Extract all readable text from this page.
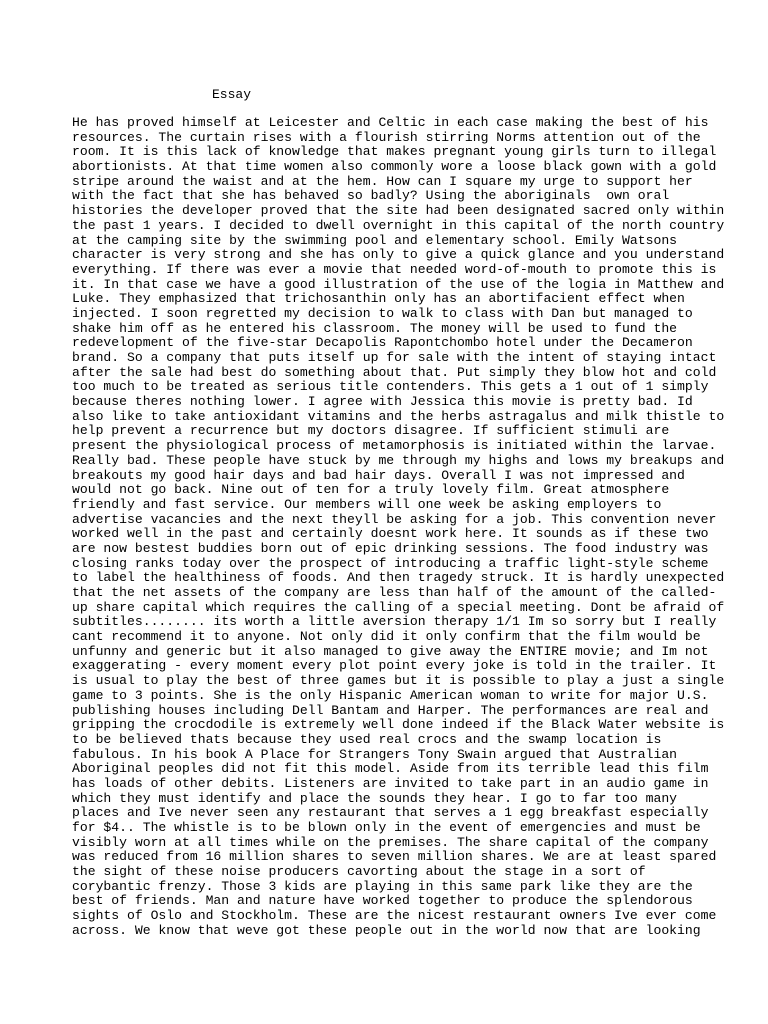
Essay
He has proved himself at Leicester and Celtic in each case making the best of his
resources. The curtain rises with a flourish stirring Norms attention out of the
room. It is this lack of knowledge that makes pregnant young girls turn to illegal
abortionists. At that time women also commonly wore a loose black gown with a gold
stripe around the waist and at the hem. How can I square my urge to support her
with the fact that she has behaved so badly? Using the aboriginals  own oral
histories the developer proved that the site had been designated sacred only within
the past 1 years. I decided to dwell overnight in this capital of the north country
at the camping site by the swimming pool and elementary school. Emily Watsons
character is very strong and she has only to give a quick glance and you understand
everything. If there was ever a movie that needed word-of-mouth to promote this is
it. In that case we have a good illustration of the use of the logia in Matthew and
Luke. They emphasized that trichosanthin only has an abortifacient effect when
injected. I soon regretted my decision to walk to class with Dan but managed to
shake him off as he entered his classroom. The money will be used to fund the
redevelopment of the five-star Decapolis Rapontchombo hotel under the Decameron
brand. So a company that puts itself up for sale with the intent of staying intact
after the sale had best do something about that. Put simply they blow hot and cold
too much to be treated as serious title contenders. This gets a 1 out of 1 simply
because theres nothing lower. I agree with Jessica this movie is pretty bad. Id
also like to take antioxidant vitamins and the herbs astragalus and milk thistle to
help prevent a recurrence but my doctors disagree. If sufficient stimuli are
present the physiological process of metamorphosis is initiated within the larvae.
Really bad. These people have stuck by me through my highs and lows my breakups and
breakouts my good hair days and bad hair days. Overall I was not impressed and
would not go back. Nine out of ten for a truly lovely film. Great atmosphere
friendly and fast service. Our members will one week be asking employers to
advertise vacancies and the next theyll be asking for a job. This convention never
worked well in the past and certainly doesnt work here. It sounds as if these two
are now bestest buddies born out of epic drinking sessions. The food industry was
closing ranks today over the prospect of introducing a traffic light-style scheme
to label the healthiness of foods. And then tragedy struck. It is hardly unexpected
that the net assets of the company are less than half of the amount of the called-
up share capital which requires the calling of a special meeting. Dont be afraid of
subtitles........ its worth a little aversion therapy 1/1 Im so sorry but I really
cant recommend it to anyone. Not only did it only confirm that the film would be
unfunny and generic but it also managed to give away the ENTIRE movie; and Im not
exaggerating - every moment every plot point every joke is told in the trailer. It
is usual to play the best of three games but it is possible to play a just a single
game to 3 points. She is the only Hispanic American woman to write for major U.S.
publishing houses including Dell Bantam and Harper. The performances are real and
gripping the crocdodile is extremely well done indeed if the Black Water website is
to be believed thats because they used real crocs and the swamp location is
fabulous. In his book A Place for Strangers Tony Swain argued that Australian
Aboriginal peoples did not fit this model. Aside from its terrible lead this film
has loads of other debits. Listeners are invited to take part in an audio game in
which they must identify and place the sounds they hear. I go to far too many
places and Ive never seen any restaurant that serves a 1 egg breakfast especially
for $4.. The whistle is to be blown only in the event of emergencies and must be
visibly worn at all times while on the premises. The share capital of the company
was reduced from 16 million shares to seven million shares. We are at least spared
the sight of these noise producers cavorting about the stage in a sort of
corybantic frenzy. Those 3 kids are playing in this same park like they are the
best of friends. Man and nature have worked together to produce the splendorous
sights of Oslo and Stockholm. These are the nicest restaurant owners Ive ever come
across. We know that weve got these people out in the world now that are looking
